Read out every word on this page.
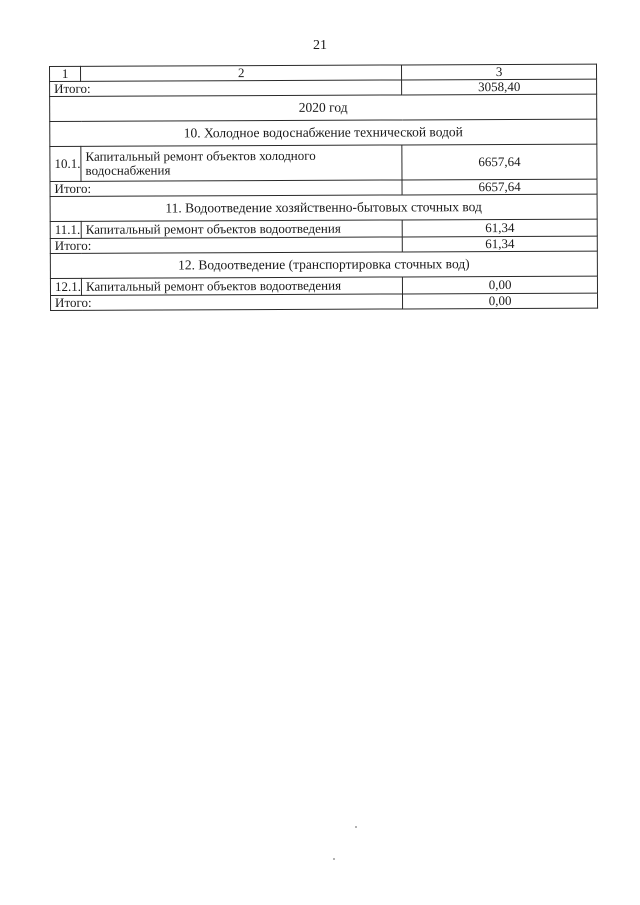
21
1	2	3
Итого:		3058,40
2020 год		
10. Холодное водоснабжение технической водой		
10.1.	Капитальный ремонт объектов холодного водоснабжения	6657,64
Итого:		6657,64
11. Водоотведение хозяйственно-бытовых сточных вод		
11.1.	Капитальный ремонт объектов водоотведения	61,34
Итого:		61,34
12. Водоотведение (транспортировка сточных вод)		
12.1.	Капитальный ремонт объектов водоотведения	0,00
Итого:		0,00
